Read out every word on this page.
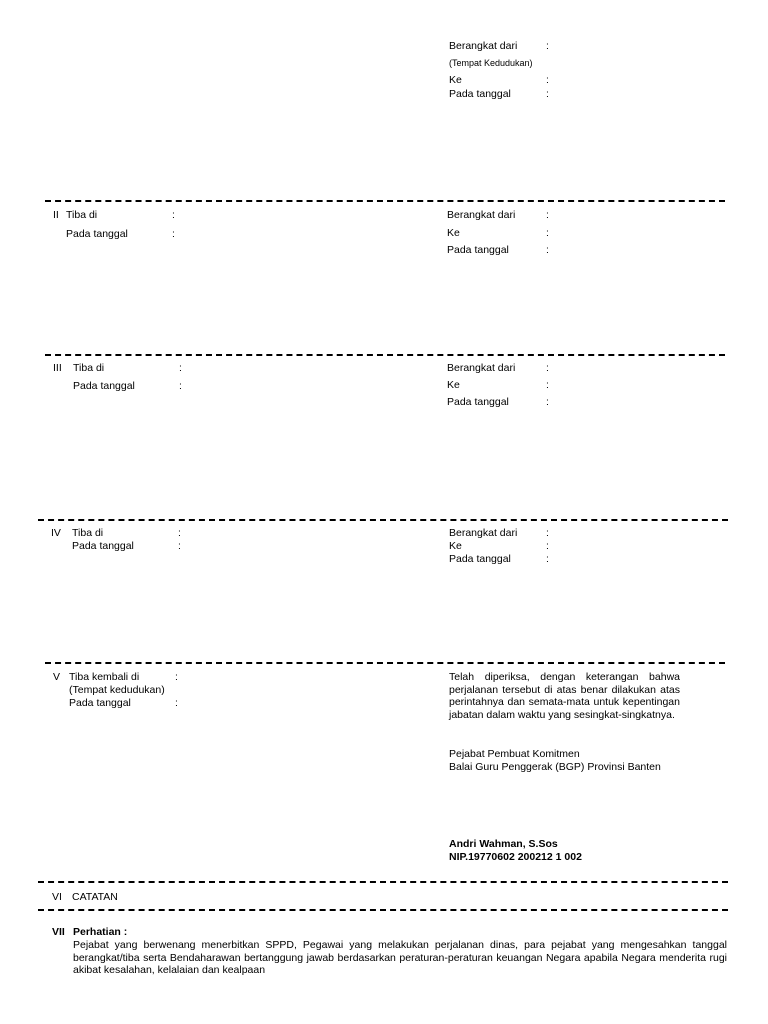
Berangkat dari	:
(Tempat Kedudukan)
Ke	:
Pada tanggal	:
II Tiba di	:
Pada tanggal	:
Berangkat dari	:
Ke	:
Pada tanggal	:
III Tiba di	:
Pada tanggal	:
Berangkat dari	:
Ke	:
Pada tanggal	:
IV Tiba di	:
Pada tanggal	:
Berangkat dari	:
Ke	:
Pada tanggal	:
V Tiba kembali di	:
(Tempat kedudukan)
Pada tanggal	:
Telah diperiksa, dengan keterangan bahwa perjalanan tersebut di atas benar dilakukan atas perintahnya dan semata-mata untuk kepentingan jabatan dalam waktu yang sesingkat-singkatnya.
Pejabat Pembuat Komitmen
Balai Guru Penggerak (BGP) Provinsi Banten
Andri Wahman, S.Sos
NIP.19770602 200212 1 002
VI CATATAN
VII Perhatian :
Pejabat yang berwenang menerbitkan SPPD, Pegawai yang melakukan perjalanan dinas, para pejabat yang mengesahkan tanggal berangkat/tiba serta Bendaharawan bertanggung jawab berdasarkan peraturan-peraturan keuangan Negara apabila Negara menderita rugi akibat kesalahan, kelalaian dan kealpaan
